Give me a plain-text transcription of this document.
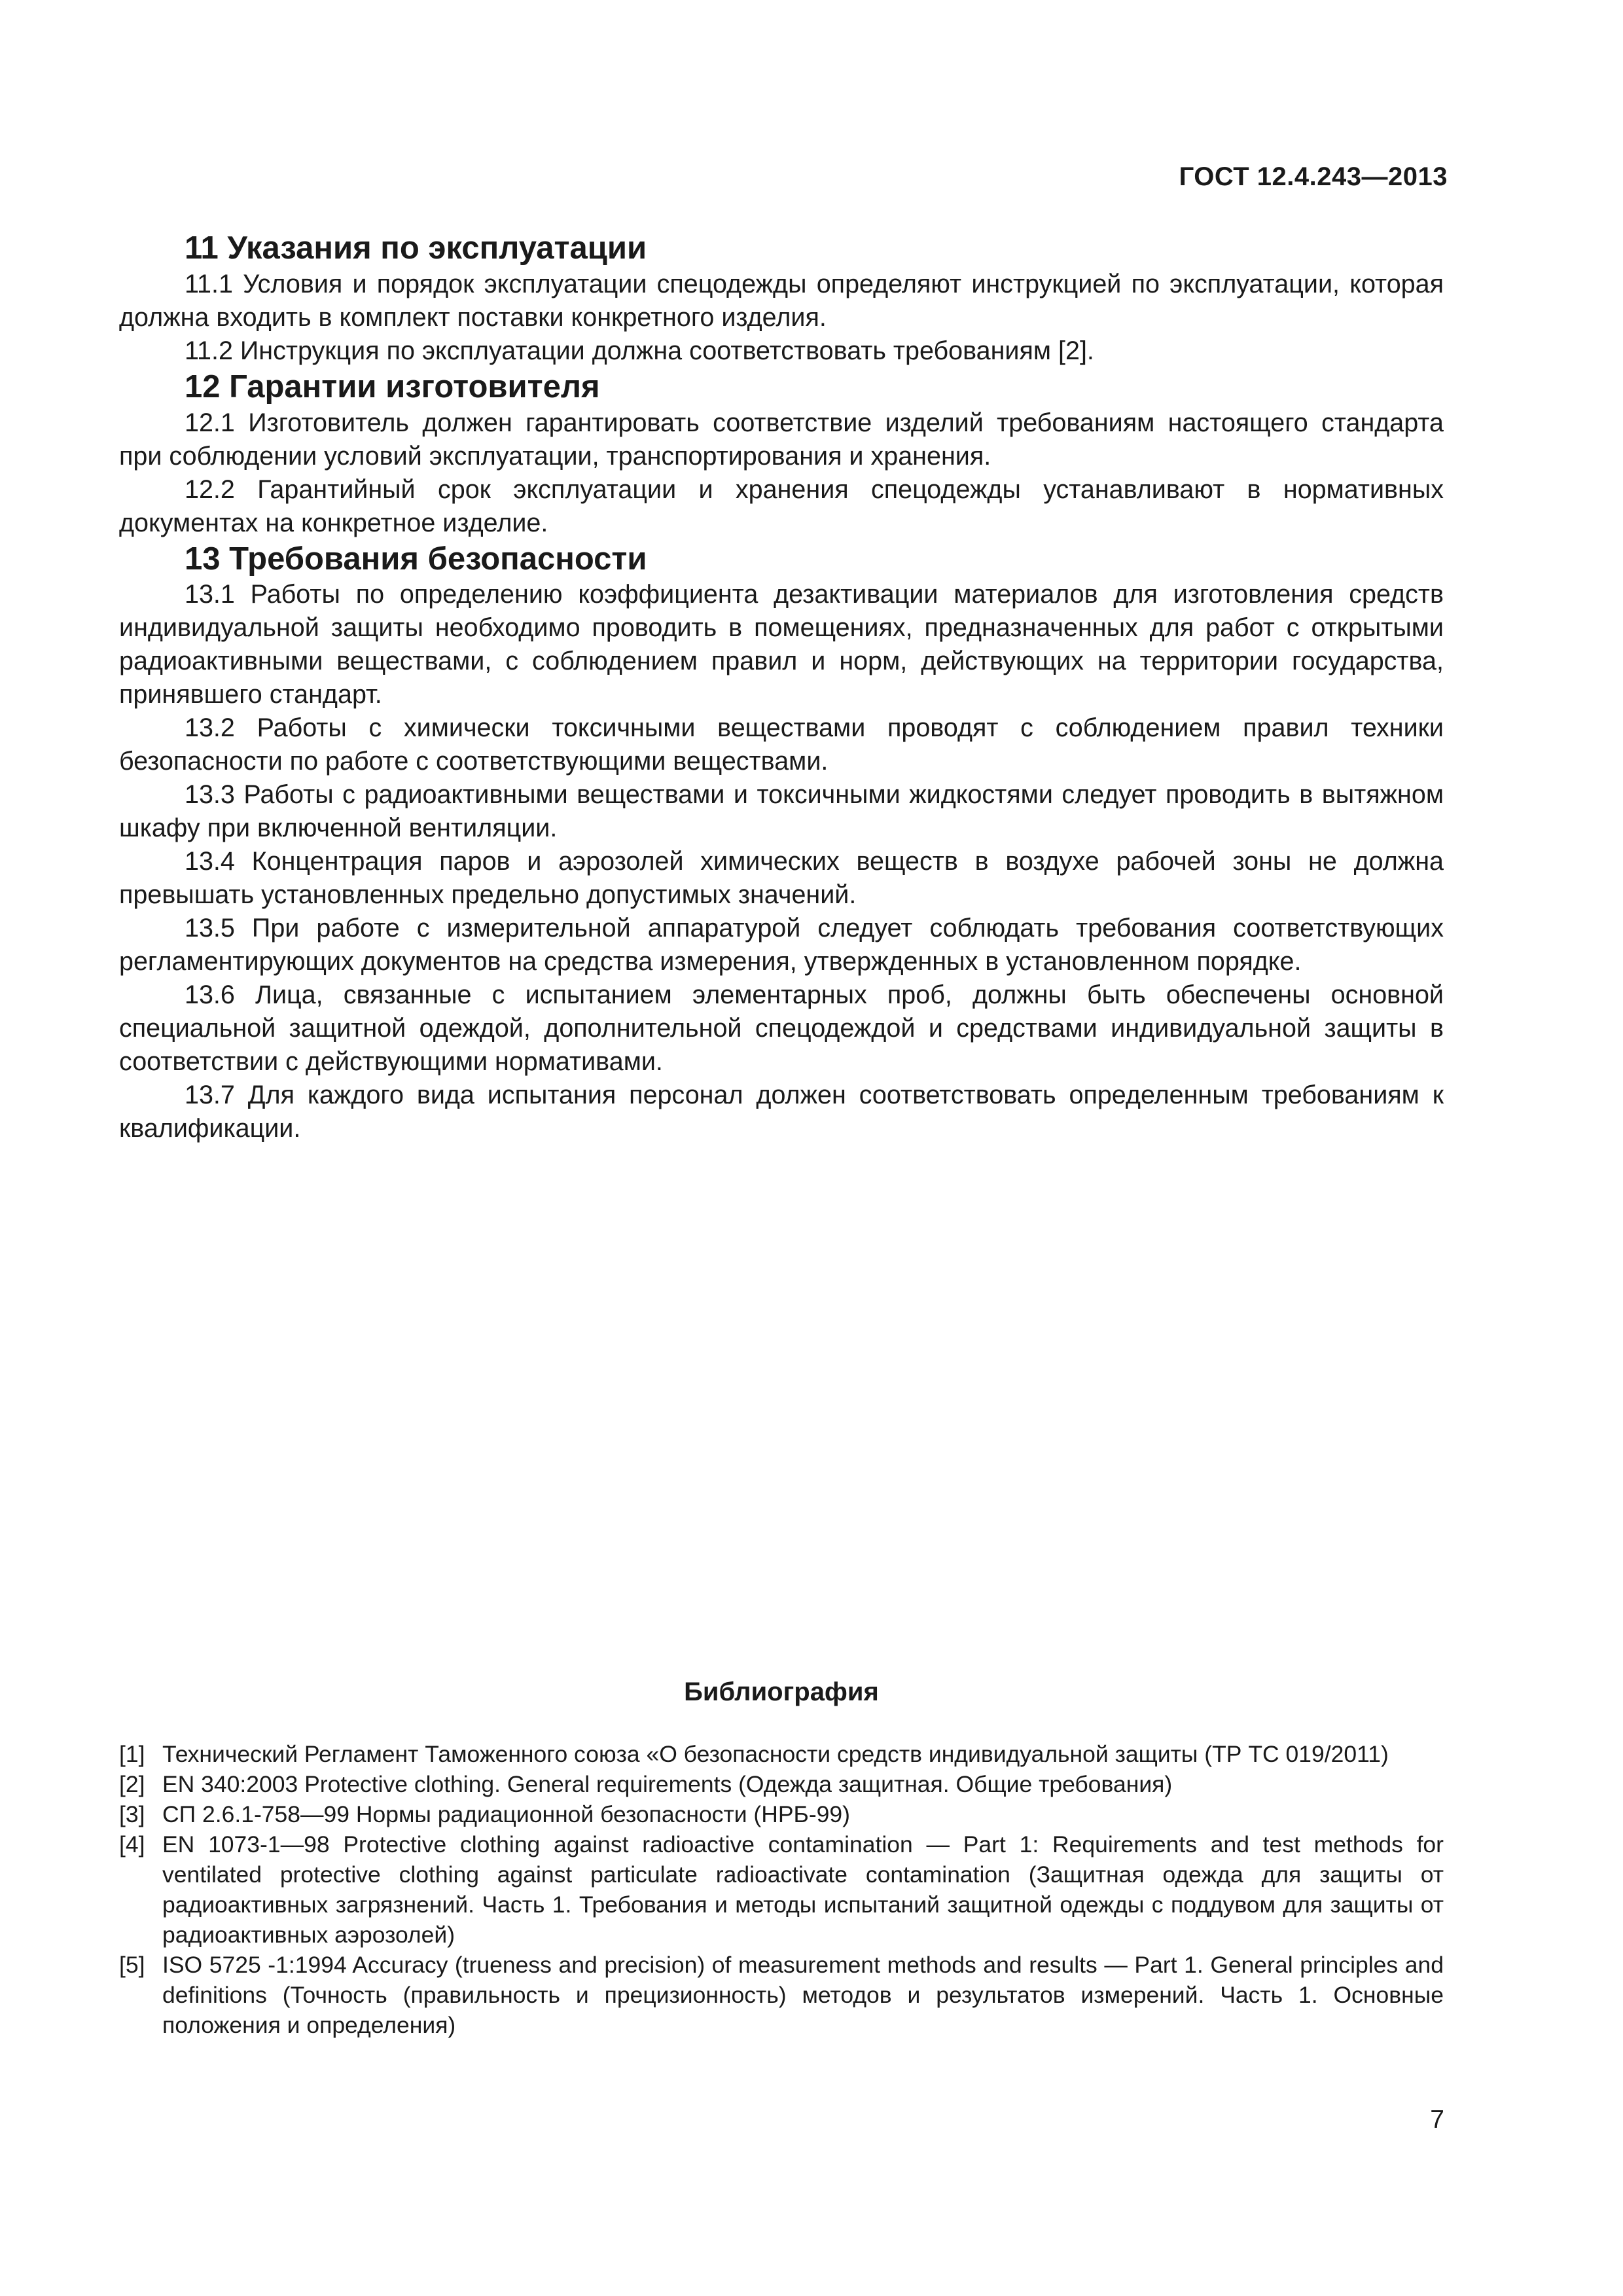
ГОСТ 12.4.243—2013
11 Указания по эксплуатации

11.1 Условия и порядок эксплуатации спецодежды определяют инструкцией по эксплуатации, которая должна входить в комплект поставки конкретного изделия.

11.2 Инструкция по эксплуатации должна соответствовать требованиям [2].

12 Гарантии изготовителя

12.1 Изготовитель должен гарантировать соответствие изделий требованиям настоящего стандарта при соблюдении условий эксплуатации, транспортирования и хранения.

12.2 Гарантийный срок эксплуатации и хранения спецодежды устанавливают в нормативных документах на конкретное изделие.

13 Требования безопасности

13.1 Работы по определению коэффициента дезактивации материалов для изготовления средств индивидуальной защиты необходимо проводить в помещениях, предназначенных для работ с открытыми радиоактивными веществами, с соблюдением правил и норм, действующих на территории государства, принявшего стандарт.

13.2 Работы с химически токсичными веществами проводят с соблюдением правил техники безопасности по работе с соответствующими веществами.

13.3 Работы с радиоактивными веществами и токсичными жидкостями следует проводить в вытяжном шкафу при включенной вентиляции.

13.4 Концентрация паров и аэрозолей химических веществ в воздухе рабочей зоны не должна превышать установленных предельно допустимых значений.

13.5 При работе с измерительной аппаратурой следует соблюдать требования соответствующих регламентирующих документов на средства измерения, утвержденных в установленном порядке.

13.6 Лица, связанные с испытанием элементарных проб, должны быть обеспечены основной специальной защитной одеждой, дополнительной спецодеждой и средствами индивидуальной защиты в соответствии с действующими нормативами.

13.7 Для каждого вида испытания персонал должен соответствовать определенным требованиям к квалификации.

Библиография
[1] Технический Регламент Таможенного союза «О безопасности средств индивидуальной защиты (ТР ТС 019/2011)
[2] EN 340:2003 Protective clothing. General requirements (Одежда защитная. Общие требования)
[3] СП 2.6.1-758—99 Нормы радиационной безопасности (НРБ-99)
[4] EN 1073-1—98 Protective clothing against radioactive contamination — Part 1: Requirements and test methods for ventilated protective clothing against particulate radioactivate contamination (Защитная одежда для защиты от радиоактивных загрязнений. Часть 1. Требования и методы испытаний защитной одежды с поддувом для защиты от радиоактивных аэрозолей)
[5] ISO 5725 -1:1994 Accuracy (trueness and precision) of measurement methods and results — Part 1. General principles and definitions (Точность (правильность и прецизионность) методов и результатов измерений. Часть 1. Основные положения и определения)
7
